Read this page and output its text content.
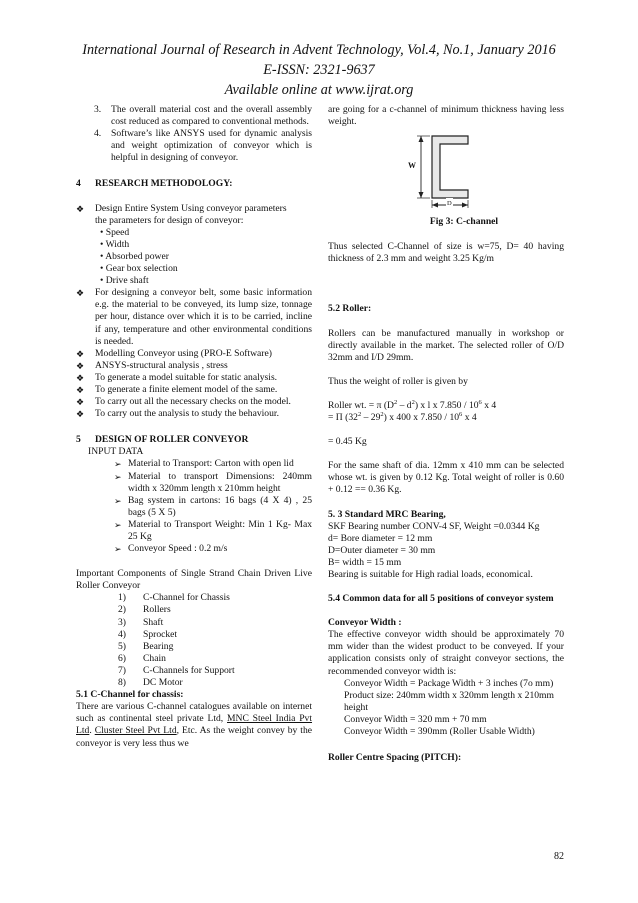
International Journal of Research in Advent Technology, Vol.4, No.1, January 2016
E-ISSN: 2321-9637
Available online at www.ijrat.org
3.	The overall material cost and the overall assembly cost reduced as compared to conventional methods.
4.	Software’s like ANSYS used for dynamic analysis and weight optimization of conveyor which is helpful in designing of conveyor.
4	RESEARCH METHODOLOGY:
❖	Design Entire System Using conveyor parameters

the parameters for design of conveyor:

• Speed

• Width

• Absorbed power

• Gear box selection

• Drive shaft

❖	For designing a conveyor belt, some basic information e.g. the material to be conveyed, its lump size, tonnage per hour, distance over which it is to be carried, incline if any, temperature and other environmental conditions is needed.
❖	Modelling Conveyor using (PRO-E Software)
❖	ANSYS-structural analysis , stress
❖	To generate a model suitable for static analysis.
❖	To generate a finite element model of the same.
❖	To carry out all the necessary checks on the model.
❖	To carry out the analysis to study the behaviour.
5	DESIGN OF ROLLER CONVEYOR

INPUT DATA

➢ Material to Transport: Carton with open lid
➢ Material to transport Dimensions: 240mm width x 320mm length x 210mm height
➢ Bag system in cartons: 16 bags (4 X 4) , 25 bags (5 X 5)
➢ Material to Transport Weight: Min 1 Kg- Max 25 Kg
➢ Conveyor Speed : 0.2 m/s

Important Components of Single Strand Chain Driven Live Roller Conveyor

1)	C-Channel for Chassis
2)	Rollers
3)	Shaft
4)	Sprocket
5)	Bearing
6)	Chain
7)	C-Channels for Support
8)	DC Motor

5.1 C-Channel for chassis:

There are various C-channel catalogues available on internet such as continental steel private Ltd, MNC Steel India Pvt Ltd. Cluster Steel Pvt Ltd, Etc. As the weight convey by the conveyor is very less thus we

are going for a c-channel of minimum thickness having less weight.

W
D

Fig 3: C-channel

Thus selected C-Channel of size is w=75, D= 40 having thickness of 2.3 mm and weight 3.25 Kg/m

5.2 Roller:

Rollers can be manufactured manually in workshop or directly available in the market. The selected roller of O/D 32mm and I/D 29mm.

Thus the weight of roller is given by

Roller wt. = π $(D^2 - d^2)$ x l x $7.850 / 10^6$ x 4

= Π $(32^2 - 29^2)$ x 400 x $7.850 / 10^6$ x 4

= 0.45 Kg

For the same shaft of dia. 12mm x 410 mm can be selected whose wt. is given by 0.12 Kg. Total weight of roller is 0.60 + 0.12 == 0.36 Kg.

5. 3 Standard MRC Bearing,

SKF Bearing number CONV-4 SF, Weight =0.0344 Kg

d= Bore diameter = 12 mm

D=Outer diameter = 30 mm

B= width = 15 mm

Bearing is suitable for High radial loads, economical.

5.4 Common data for all 5 positions of conveyor system

Conveyor Width :

The effective conveyor width should be approximately 70 mm wider than the widest product to be conveyed. If your application consists only of straight conveyor sections, the recommended conveyor width is:

Conveyor Width = Package Width + 3 inches (7o mm)

Product size: 240mm width x 320mm length x 210mm height

Conveyor Width = 320 mm + 70 mm

Conveyor Width = 390mm (Roller Usable Width)

Roller Centre Spacing (PITCH):

82
